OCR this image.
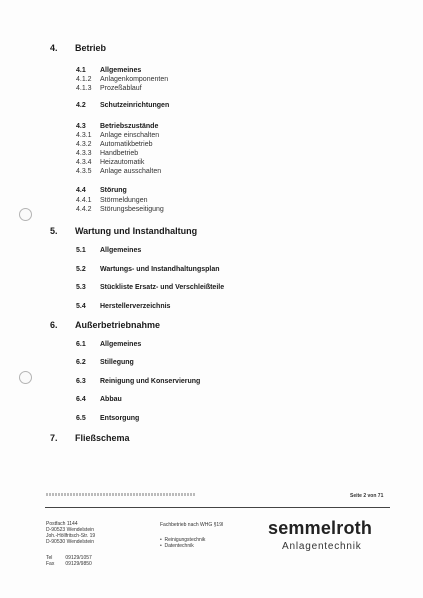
4. Betrieb
4.1 Allgemeines
4.1.2 Anlagenkomponenten
4.1.3 Prozeßablauf
4.2 Schutzeinrichtungen
4.3 Betriebszustände
4.3.1 Anlage einschalten
4.3.2 Automatikbetrieb
4.3.3 Handbetrieb
4.3.4 Heizautomatik
4.3.5 Anlage ausschalten
4.4 Störung
4.4.1 Störmeldungen
4.4.2 Störungsbeseitigung
5. Wartung und Instandhaltung
5.1 Allgemeines
5.2 Wartungs- und Instandhaltungsplan
5.3 Stückliste Ersatz- und Verschleißteile
5.4 Herstellerverzeichnis
6. Außerbetriebnahme
6.1 Allgemeines
6.2 Stillegung
6.3 Reinigung und Konservierung
6.4 Abbau
6.5 Entsorgung
7. Fließschema
Seite 2 von 71
Postfach 1144
D-90523 Wendelstein
Joh.-Höllfritsch-Str. 19
D-90530 Wendelstein
Tel	09129/1057
Fax 09129/9850
Fachbetrieb nach WHG §19l
•  Reinigungstechnik
•  Datentechnik
semmelroth
Anlagentechnik
